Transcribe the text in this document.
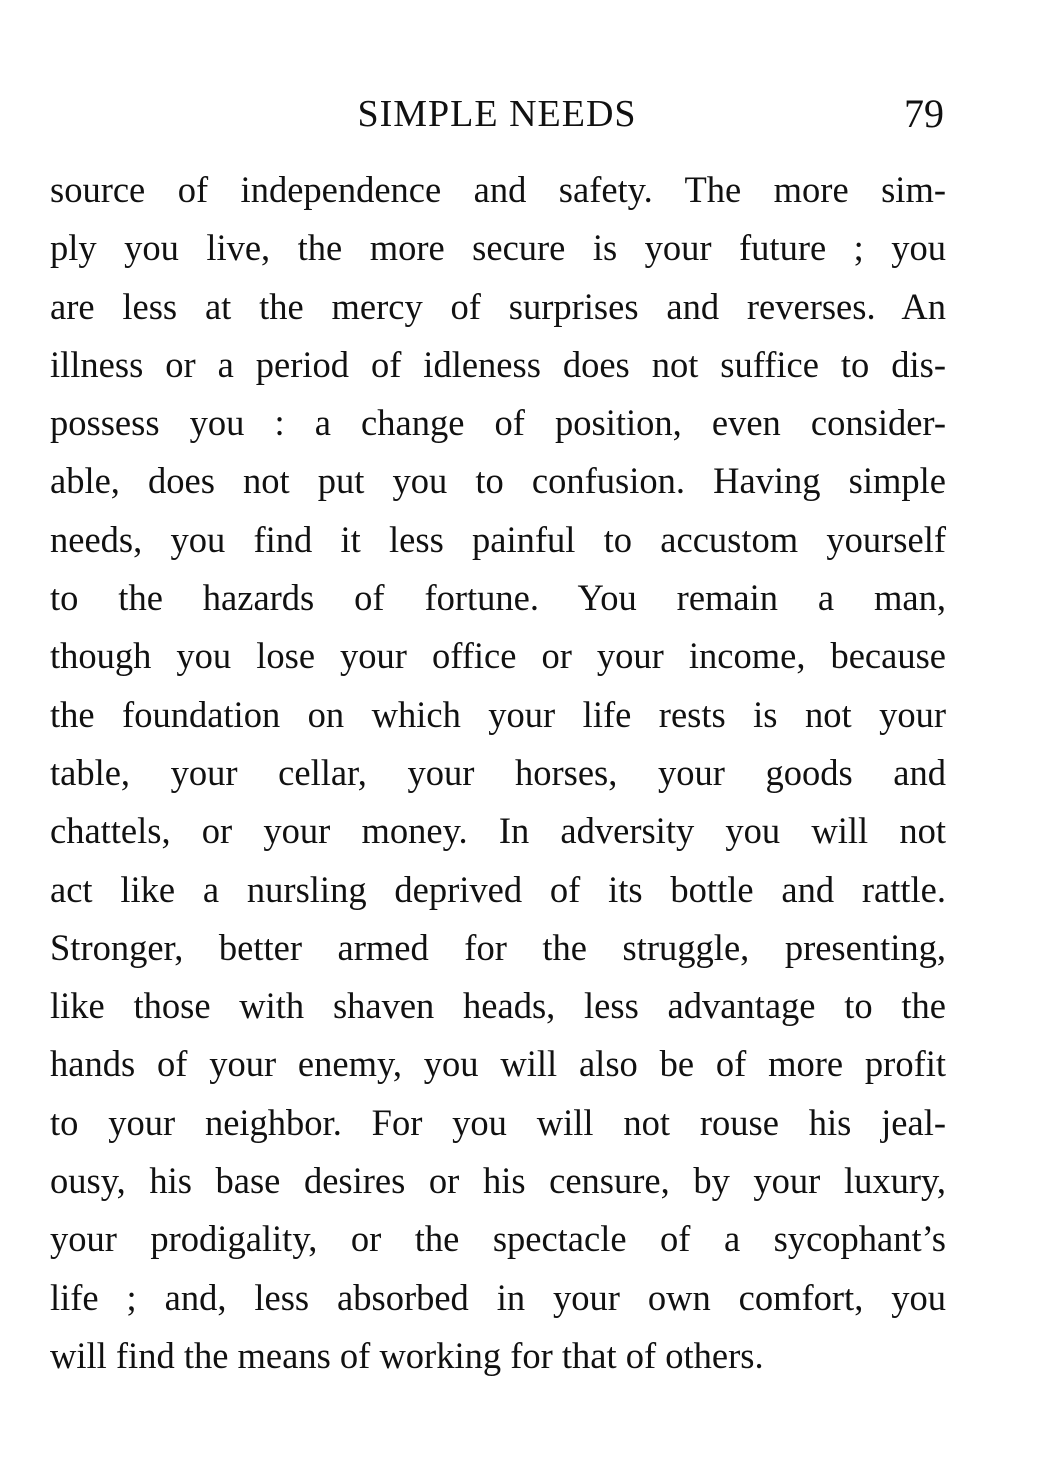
SIMPLE NEEDS	79
source of independence and safety. The more sim-
ply you live, the more secure is your future ; you
are less at the mercy of surprises and reverses. An
illness or a period of idleness does not suffice to dis-
possess you : a change of position, even consider-
able, does not put you to confusion. Having simple
needs, you find it less painful to accustom yourself
to the hazards of fortune. You remain a man,
though you lose your office or your income, because
the foundation on which your life rests is not your
table, your cellar, your horses, your goods and
chattels, or your money. In adversity you will not
act like a nursling deprived of its bottle and rattle.
Stronger, better armed for the struggle, presenting,
like those with shaven heads, less advantage to the
hands of your enemy, you will also be of more profit
to your neighbor. For you will not rouse his jeal-
ousy, his base desires or his censure, by your luxury,
your prodigality, or the spectacle of a sycophant’s
life ; and, less absorbed in your own comfort, you
will find the means of working for that of others.
